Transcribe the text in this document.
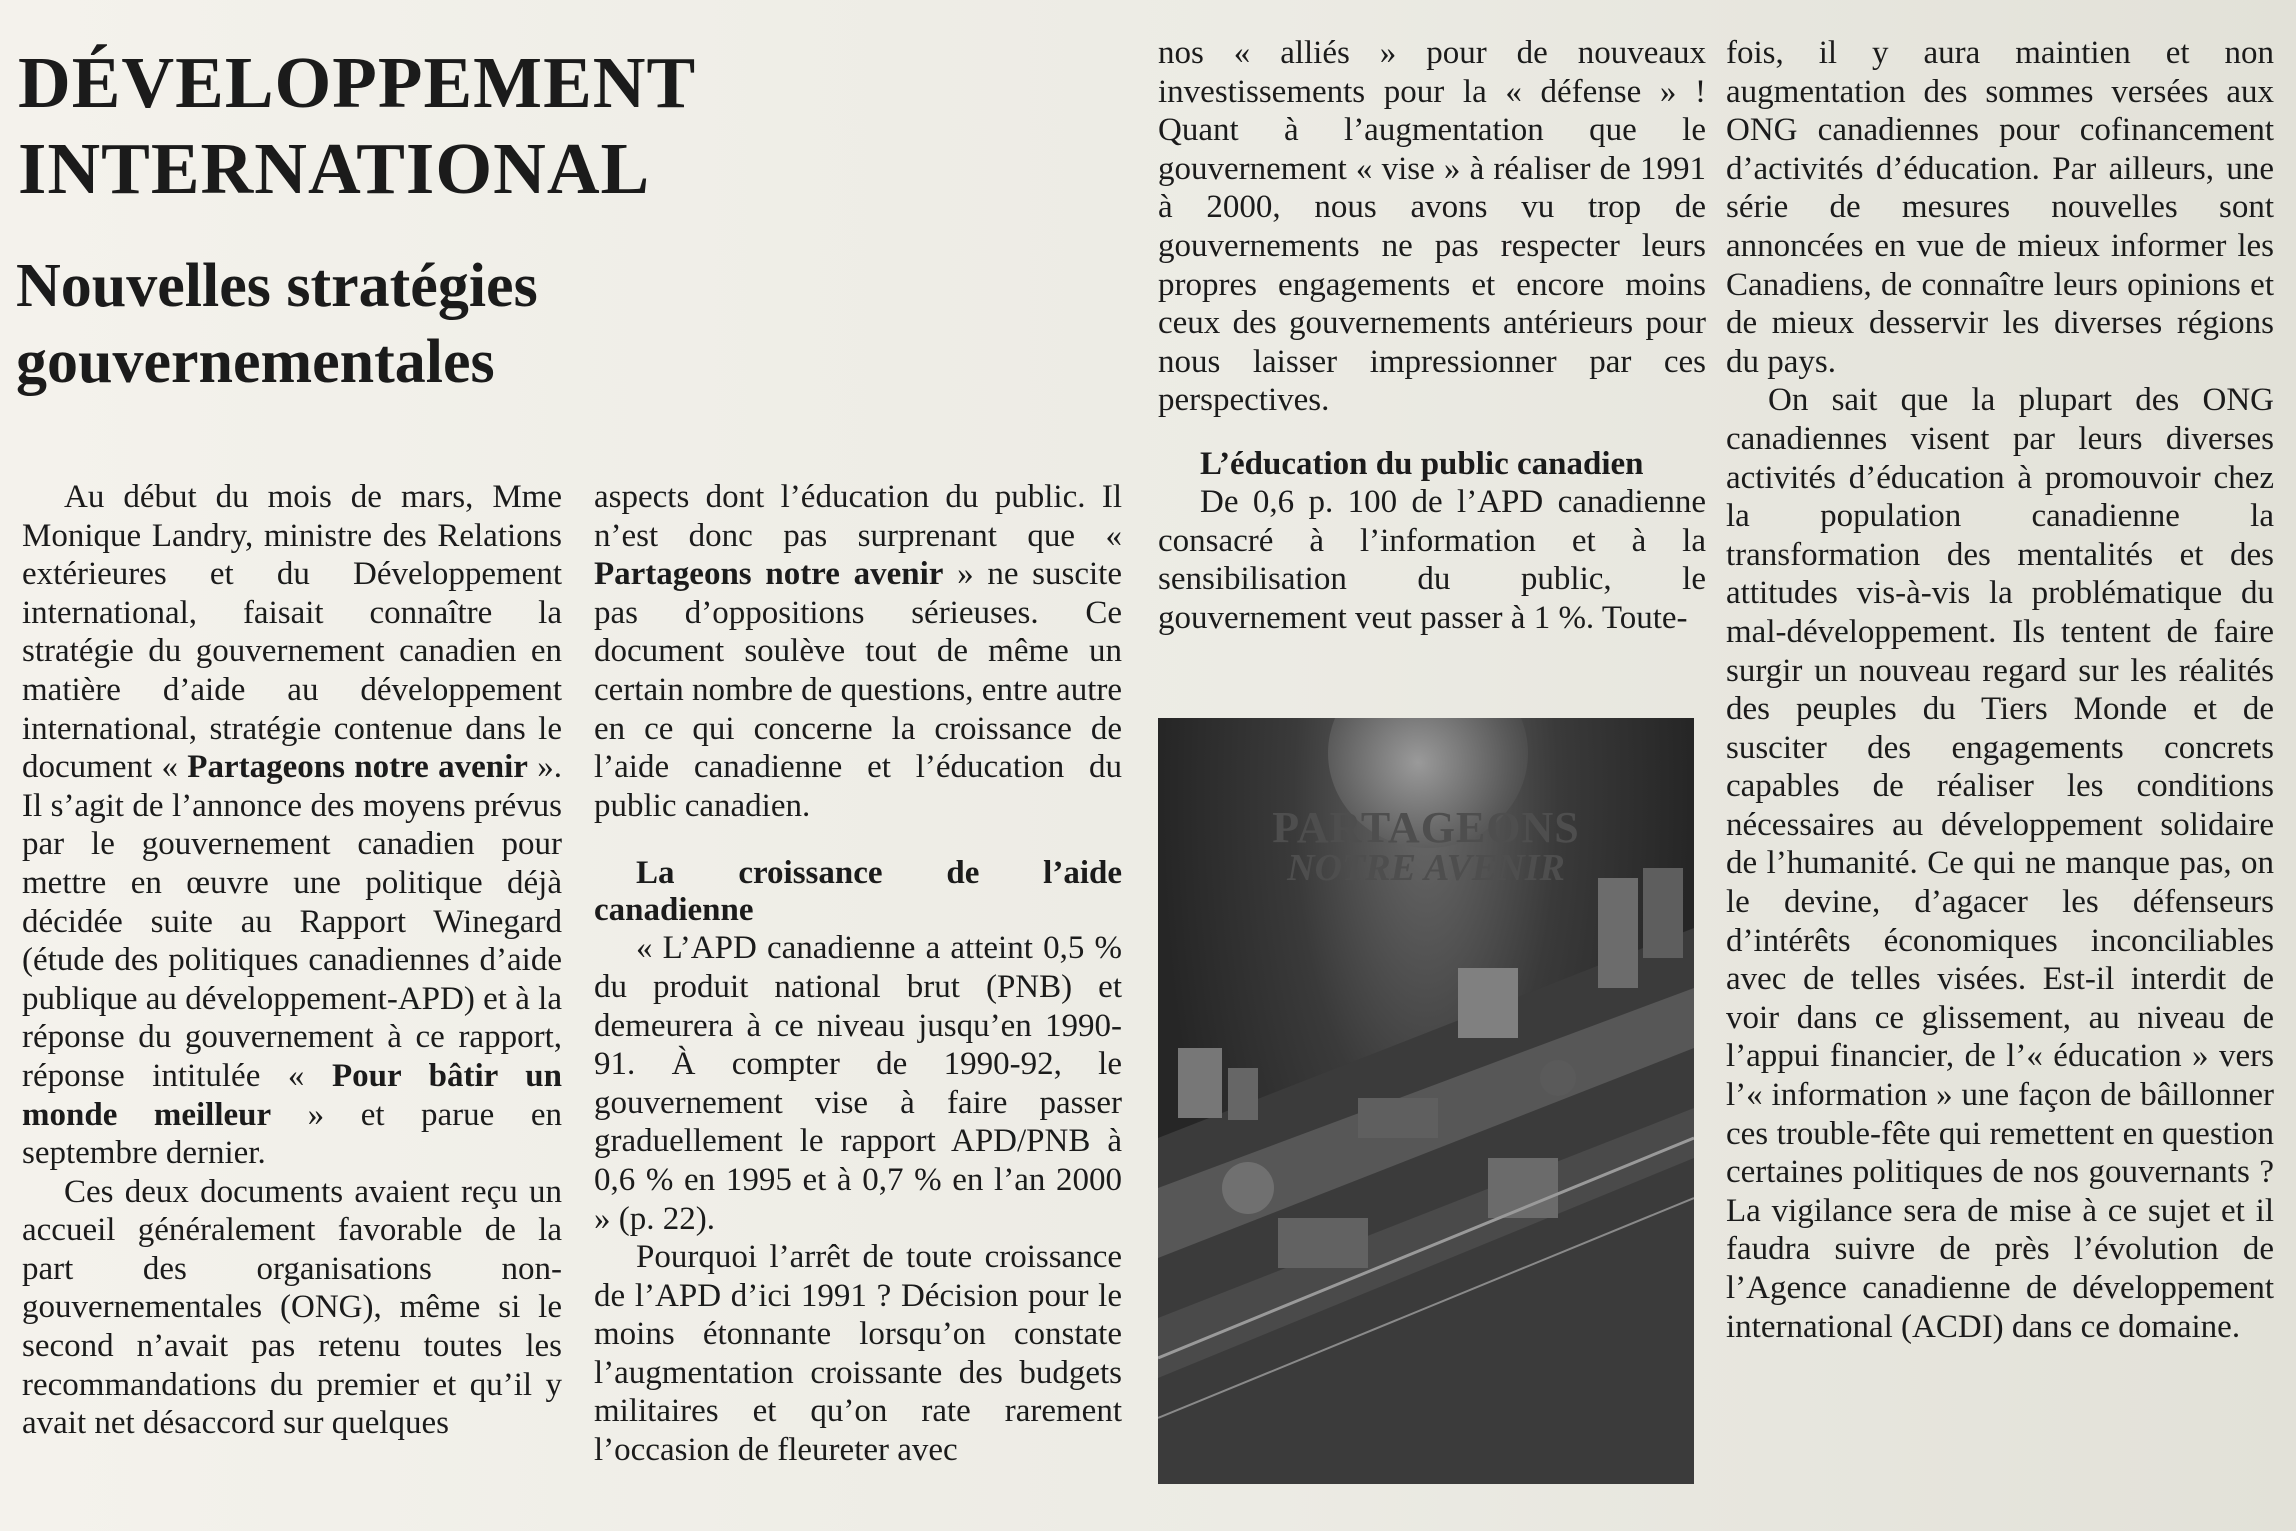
DÉVELOPPEMENT INTERNATIONAL
Nouvelles stratégies gouvernementales

Au début du mois de mars, Mme Monique Landry, ministre des Relations extérieures et du Développement international, faisait connaître la stratégie du gouvernement canadien en matière d’aide au développement international, stratégie contenue dans le document « Partageons notre avenir ». Il s’agit de l’annonce des moyens prévus par le gouvernement canadien pour mettre en œuvre une politique déjà décidée suite au Rapport Winegard (étude des politiques canadiennes d’aide publique au développement-APD) et à la réponse du gouvernement à ce rapport, réponse intitulée « Pour bâtir un monde meilleur » et parue en septembre dernier.

Ces deux documents avaient reçu un accueil généralement favorable de la part des organisations non-gouvernementales (ONG), même si le second n’avait pas retenu toutes les recommandations du premier et qu’il y avait net désaccord sur quelques

aspects dont l’éducation du public. Il n’est donc pas surprenant que « Partageons notre avenir » ne suscite pas d’oppositions sérieuses. Ce document soulève tout de même un certain nombre de questions, entre autre en ce qui concerne la croissance de l’aide canadienne et l’éducation du public canadien.

La croissance de l’aide canadienne

« L’APD canadienne a atteint 0,5 % du produit national brut (PNB) et demeurera à ce niveau jusqu’en 1990-91. À compter de 1990-92, le gouvernement vise à faire passer graduellement le rapport APD/PNB à 0,6 % en 1995 et à 0,7 % en l’an 2000 » (p. 22).

Pourquoi l’arrêt de toute croissance de l’APD d’ici 1991 ? Décision pour le moins étonnante lorsqu’on constate l’augmentation croissante des budgets militaires et qu’on rate rarement l’occasion de fleureter avec

nos « alliés » pour de nouveaux investissements pour la « défense » ! Quant à l’augmentation que le gouvernement « vise » à réaliser de 1991 à 2000, nous avons vu trop de gouvernements ne pas respecter leurs propres engagements et encore moins ceux des gouvernements antérieurs pour nous laisser impressionner par ces perspectives.

L’éducation du public canadien

De 0,6 p. 100 de l’APD canadienne consacré à l’information et à la sensibilisation du public, le gouvernement veut passer à 1 %. Toute-

PARTAGEONS
NOTRE AVENIR

fois, il y aura maintien et non augmentation des sommes versées aux ONG canadiennes pour cofinancement d’activités d’éducation. Par ailleurs, une série de mesures nouvelles sont annoncées en vue de mieux informer les Canadiens, de connaître leurs opinions et de mieux desservir les diverses régions du pays.

On sait que la plupart des ONG canadiennes visent par leurs diverses activités d’éducation à promouvoir chez la population canadienne la transformation des mentalités et des attitudes vis-à-vis la problématique du mal-développement. Ils tentent de faire surgir un nouveau regard sur les réalités des peuples du Tiers Monde et de susciter des engagements concrets capables de réaliser les conditions nécessaires au développement solidaire de l’humanité. Ce qui ne manque pas, on le devine, d’agacer les défenseurs d’intérêts économiques inconciliables avec de telles visées. Est-il interdit de voir dans ce glissement, au niveau de l’appui financier, de l’« éducation » vers l’« information » une façon de bâillonner ces trouble-fête qui remettent en question certaines politiques de nos gouvernants ? La vigilance sera de mise à ce sujet et il faudra suivre de près l’évolution de l’Agence canadienne de développement international (ACDI) dans ce domaine.
